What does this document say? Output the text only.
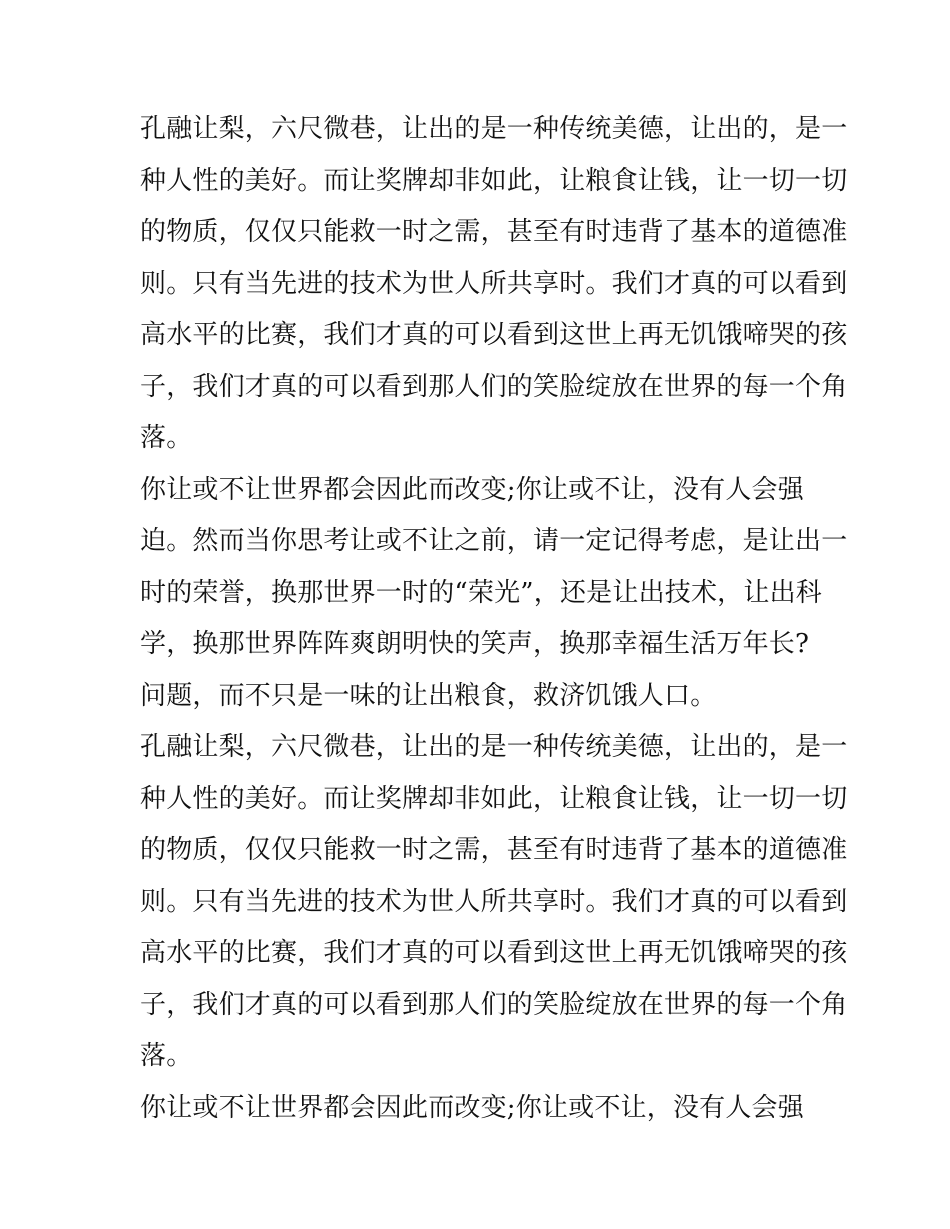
孔融让梨，六尺微巷，让出的是一种传统美德，让出的，是一
种人性的美好。而让奖牌却非如此，让粮食让钱，让一切一切
的物质，仅仅只能救一时之需，甚至有时违背了基本的道德准
则。只有当先进的技术为世人所共享时。我们才真的可以看到
高水平的比赛，我们才真的可以看到这世上再无饥饿啼哭的孩
子，我们才真的可以看到那人们的笑脸绽放在世界的每一个角
落。
你让或不让世界都会因此而改变;你让或不让，没有人会强
迫。然而当你思考让或不让之前，请一定记得考虑，是让出一
时的荣誉，换那世界一时的“荣光”，还是让出技术，让出科
学，换那世界阵阵爽朗明快的笑声，换那幸福生活万年长?
问题，而不只是一味的让出粮食，救济饥饿人口。
孔融让梨，六尺微巷，让出的是一种传统美德，让出的，是一
种人性的美好。而让奖牌却非如此，让粮食让钱，让一切一切
的物质，仅仅只能救一时之需，甚至有时违背了基本的道德准
则。只有当先进的技术为世人所共享时。我们才真的可以看到
高水平的比赛，我们才真的可以看到这世上再无饥饿啼哭的孩
子，我们才真的可以看到那人们的笑脸绽放在世界的每一个角
落。
你让或不让世界都会因此而改变;你让或不让，没有人会强
